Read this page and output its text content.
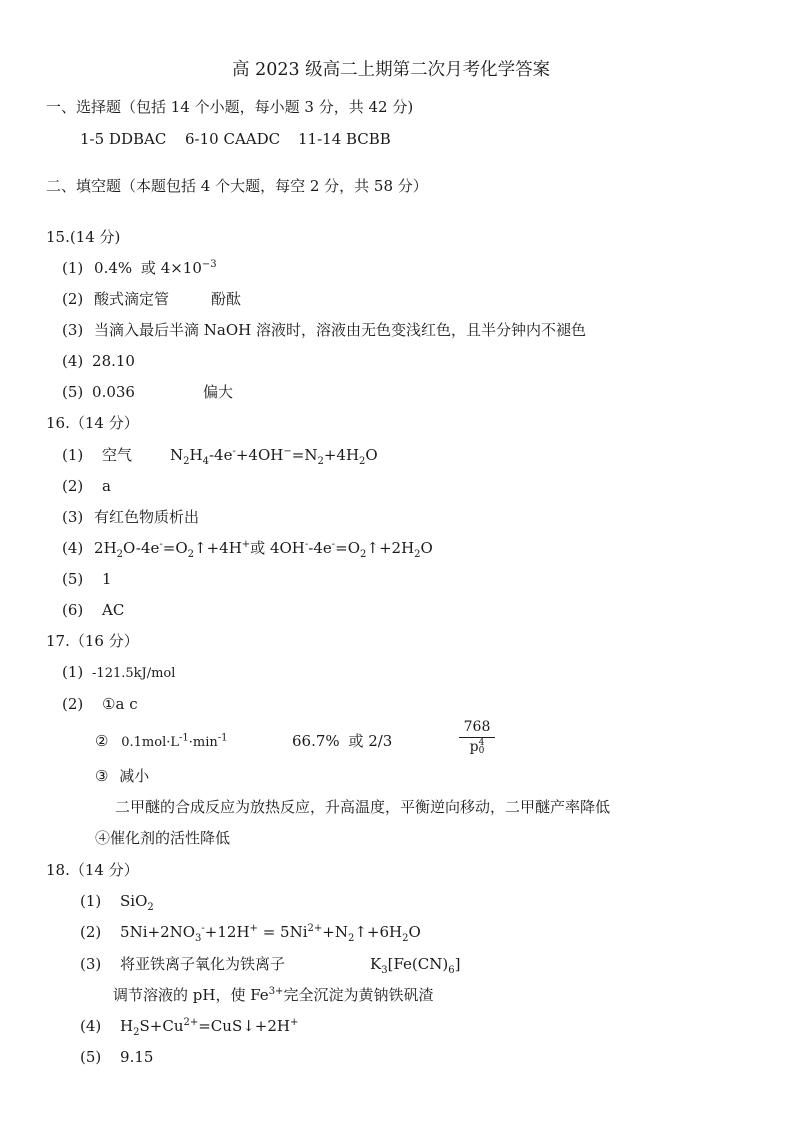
高 2023 级高二上期第二次月考化学答案
一、选择题（包括 14 个小题，每小题 3 分，共 42 分)
1-5 DDBAC 6-10 CAADC 11-14 BCBB
二、填空题（本题包括 4 个大题，每空 2 分，共 58 分）
15.(14 分)
(1) 0.4% 或 $4\times 10^{-3}$
(2) 酸式滴定管	酚酞
(3) 当滴入最后半滴 NaOH 溶液时，溶液由无色变浅红色，且半分钟内不褪色
(4) 28.10
(5) 0.036	偏大
16.（14 分）
(1) 空气	$N_2H_4-4e^-+4OH^-=N_2+4H_2O$
(2) a
(3) 有红色物质析出
(4) $2H_2O-4e^-=O_2↑+4H^+$或 $4OH^--4e^-=O_2↑+2H_2O$
(5) 1
(6) AC
17.（16 分）
(1) -121.5kJ/mol
(2) ①a c
② $0.1mol\cdot L^{-1}\cdot\min^{-1}$	66.7% 或 2/3
768
p 4
0
③ 减小
二甲醚的合成反应为放热反应，升高温度，平衡逆向移动，二甲醚产率降低
④催化剂的活性降低
18.（14 分）
(1) SiO$_2$
(2) $5Ni+2NO_3^-+12H^+$ = $5Ni^{2+}+N_2↑+6H_2O$
(3) 将亚铁离子氧化为铁离子	$K_3[Fe(CN)_6]$
调节溶液的 pH，使 $Fe^{3+}$完全沉淀为黄钠铁矾渣
(4) $H_2S+Cu^{2+}=CuS↓+2H^+$
(5) 9.15
